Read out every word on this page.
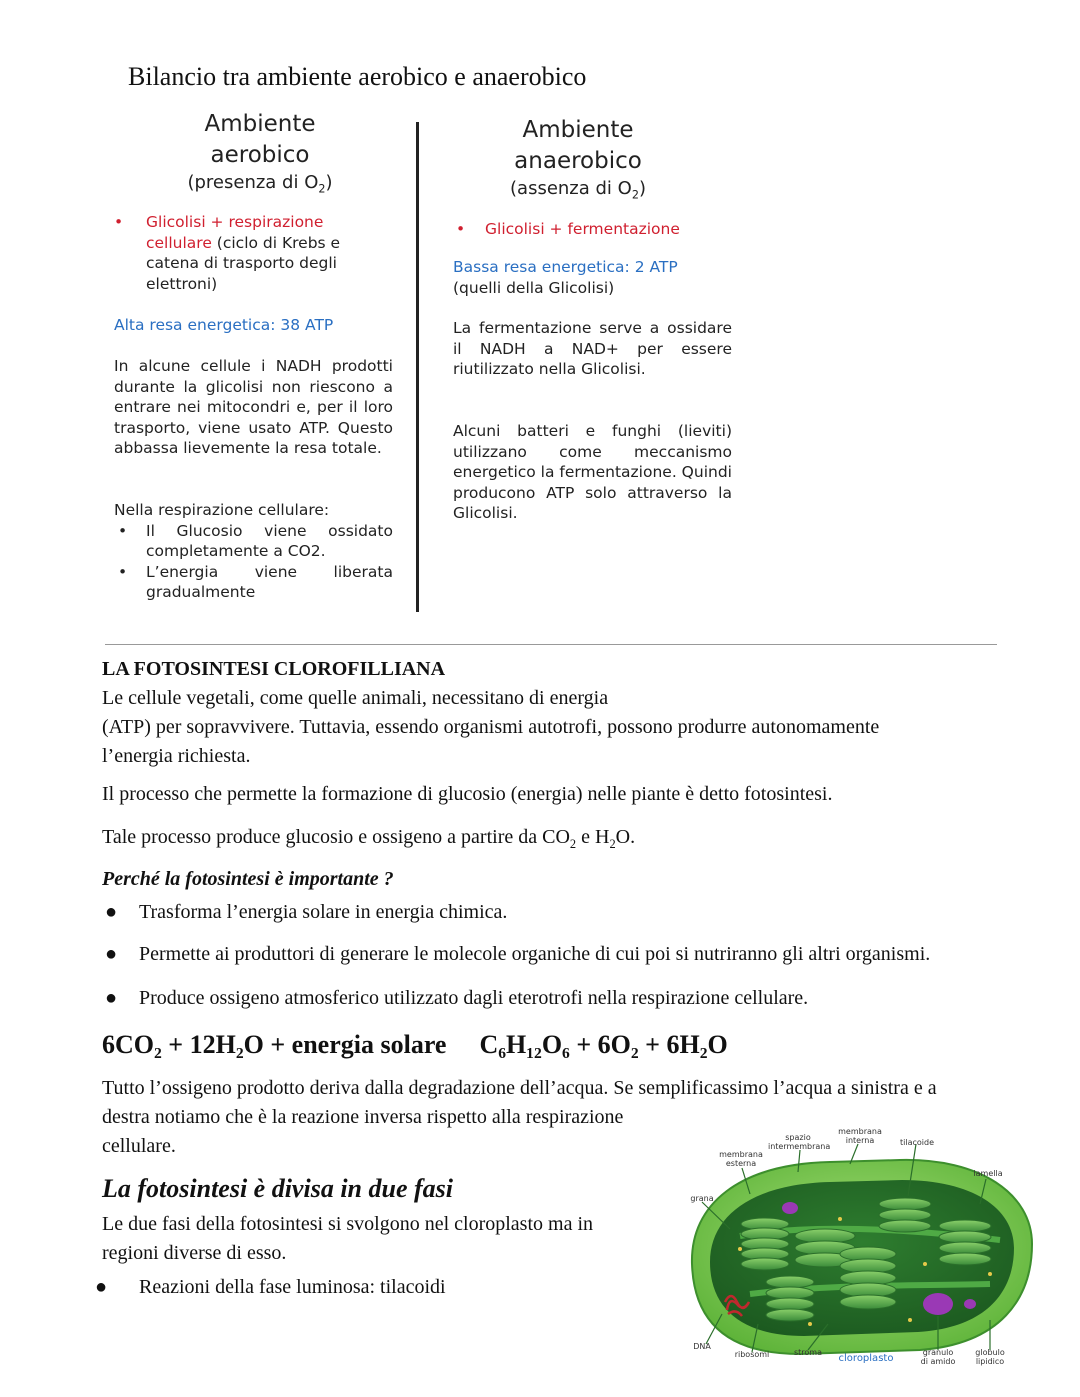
Bilancio tra ambiente aerobico e anaerobico
Ambiente
aerobico
(presenza di $O_2$)
• Glicolisi + respirazione cellulare (ciclo di Krebs e catena di trasporto degli elettroni)
Alta resa energetica: 38 ATP
In alcune cellule i NADH prodotti durante la glicolisi non riescono a entrare nei mitocondri e, per il loro trasporto, viene usato ATP. Questo abbassa lievemente la resa totale.
Nella respirazione cellulare:
• Il Glucosio viene ossidato completamente a CO2.
• L’energia viene liberata gradualmente
Ambiente
anaerobico
(assenza di $O_2$)
• Glicolisi + fermentazione
Bassa resa energetica: 2 ATP
(quelli della Glicolisi)
La fermentazione serve a ossidare il NADH a NAD+ per essere riutilizzato nella Glicolisi.
Alcuni batteri e funghi (lieviti) utilizzano come meccanismo energetico la fermentazione. Quindi producono ATP solo attraverso la Glicolisi.
LA FOTOSINTESI CLOROFILLIANA
Le cellule vegetali, come quelle animali, necessitano di energia
(ATP) per sopravvivere. Tuttavia, essendo organismi autotrofi, possono produrre autonomamente
l’energia richiesta.
Il processo che permette la formazione di glucosio (energia) nelle piante è detto fotosintesi.
Tale processo produce glucosio e ossigeno a partire da $CO_2$ e $H_2O$.
Perché la fotosintesi è importante ?
● Trasforma l’energia solare in energia chimica.
● Permette ai produttori di generare le molecole organiche di cui poi si nutriranno gli altri organismi.
● Produce ossigeno atmosferico utilizzato dagli eterotrofi nella respirazione cellulare.
6CO₂ + 12H₂O + energia solare C₆H₁₂O₆ + 6O₂ + 6H₂O
Tutto l’ossigeno prodotto deriva dalla degradazione dell’acqua. Se semplificassimo l’acqua a sinistra e a
destra notiamo che è la reazione inversa rispetto alla respirazione
cellulare.
La fotosintesi è divisa in due fasi
Le due fasi della fotosintesi si svolgono nel cloroplasto ma in
regioni diverse di esso.
● Reazioni della fase luminosa: tilacoidi
membrana interna
spazio intermembrana	tilacoide
membrana esterna
lamella
grana
DNA
ribosomi	stroma
cloroplasto
granulo di amido
globulo lipidico
